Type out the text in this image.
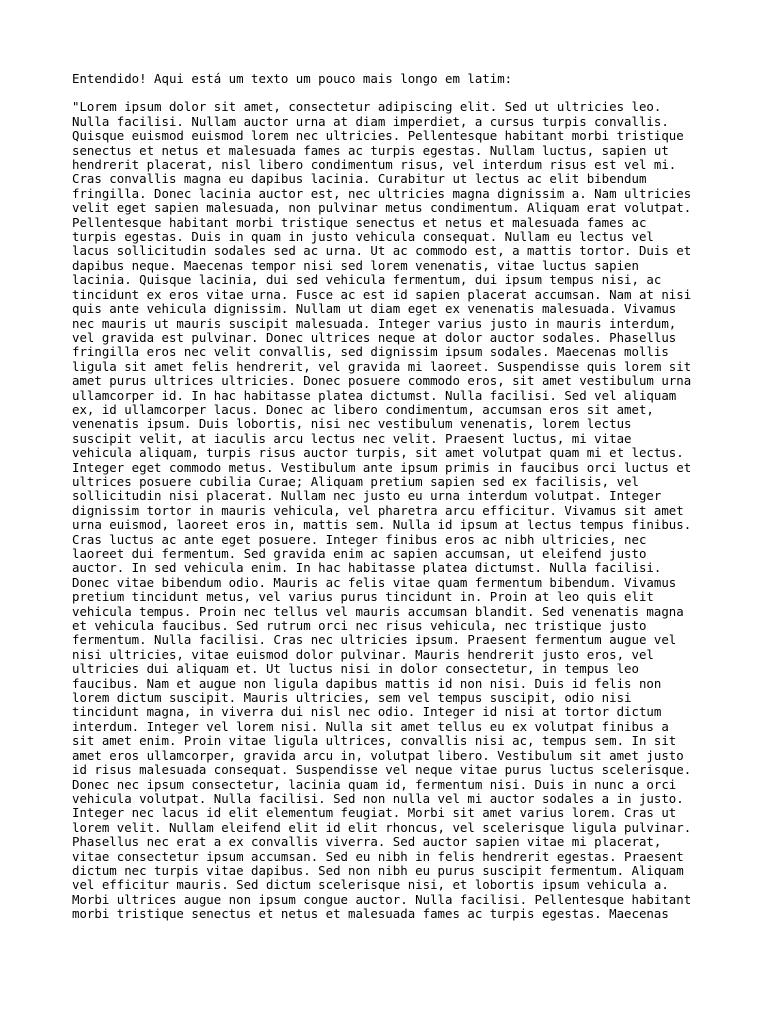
Entendido! Aqui está um texto um pouco mais longo em latim:

"Lorem ipsum dolor sit amet, consectetur adipiscing elit. Sed ut ultricies leo.
Nulla facilisi. Nullam auctor urna at diam imperdiet, a cursus turpis convallis.
Quisque euismod euismod lorem nec ultricies. Pellentesque habitant morbi tristique
senectus et netus et malesuada fames ac turpis egestas. Nullam luctus, sapien ut
hendrerit placerat, nisl libero condimentum risus, vel interdum risus est vel mi.
Cras convallis magna eu dapibus lacinia. Curabitur ut lectus ac elit bibendum
fringilla. Donec lacinia auctor est, nec ultricies magna dignissim a. Nam ultricies
velit eget sapien malesuada, non pulvinar metus condimentum. Aliquam erat volutpat.
Pellentesque habitant morbi tristique senectus et netus et malesuada fames ac
turpis egestas. Duis in quam in justo vehicula consequat. Nullam eu lectus vel
lacus sollicitudin sodales sed ac urna. Ut ac commodo est, a mattis tortor. Duis et
dapibus neque. Maecenas tempor nisi sed lorem venenatis, vitae luctus sapien
lacinia. Quisque lacinia, dui sed vehicula fermentum, dui ipsum tempus nisi, ac
tincidunt ex eros vitae urna. Fusce ac est id sapien placerat accumsan. Nam at nisi
quis ante vehicula dignissim. Nullam ut diam eget ex venenatis malesuada. Vivamus
nec mauris ut mauris suscipit malesuada. Integer varius justo in mauris interdum,
vel gravida est pulvinar. Donec ultrices neque at dolor auctor sodales. Phasellus
fringilla eros nec velit convallis, sed dignissim ipsum sodales. Maecenas mollis
ligula sit amet felis hendrerit, vel gravida mi laoreet. Suspendisse quis lorem sit
amet purus ultrices ultricies. Donec posuere commodo eros, sit amet vestibulum urna
ullamcorper id. In hac habitasse platea dictumst. Nulla facilisi. Sed vel aliquam
ex, id ullamcorper lacus. Donec ac libero condimentum, accumsan eros sit amet,
venenatis ipsum. Duis lobortis, nisi nec vestibulum venenatis, lorem lectus
suscipit velit, at iaculis arcu lectus nec velit. Praesent luctus, mi vitae
vehicula aliquam, turpis risus auctor turpis, sit amet volutpat quam mi et lectus.
Integer eget commodo metus. Vestibulum ante ipsum primis in faucibus orci luctus et
ultrices posuere cubilia Curae; Aliquam pretium sapien sed ex facilisis, vel
sollicitudin nisi placerat. Nullam nec justo eu urna interdum volutpat. Integer
dignissim tortor in mauris vehicula, vel pharetra arcu efficitur. Vivamus sit amet
urna euismod, laoreet eros in, mattis sem. Nulla id ipsum at lectus tempus finibus.
Cras luctus ac ante eget posuere. Integer finibus eros ac nibh ultricies, nec
laoreet dui fermentum. Sed gravida enim ac sapien accumsan, ut eleifend justo
auctor. In sed vehicula enim. In hac habitasse platea dictumst. Nulla facilisi.
Donec vitae bibendum odio. Mauris ac felis vitae quam fermentum bibendum. Vivamus
pretium tincidunt metus, vel varius purus tincidunt in. Proin at leo quis elit
vehicula tempus. Proin nec tellus vel mauris accumsan blandit. Sed venenatis magna
et vehicula faucibus. Sed rutrum orci nec risus vehicula, nec tristique justo
fermentum. Nulla facilisi. Cras nec ultricies ipsum. Praesent fermentum augue vel
nisi ultricies, vitae euismod dolor pulvinar. Mauris hendrerit justo eros, vel
ultricies dui aliquam et. Ut luctus nisi in dolor consectetur, in tempus leo
faucibus. Nam et augue non ligula dapibus mattis id non nisi. Duis id felis non
lorem dictum suscipit. Mauris ultricies, sem vel tempus suscipit, odio nisi
tincidunt magna, in viverra dui nisl nec odio. Integer id nisi at tortor dictum
interdum. Integer vel lorem nisi. Nulla sit amet tellus eu ex volutpat finibus a
sit amet enim. Proin vitae ligula ultrices, convallis nisi ac, tempus sem. In sit
amet eros ullamcorper, gravida arcu in, volutpat libero. Vestibulum sit amet justo
id risus malesuada consequat. Suspendisse vel neque vitae purus luctus scelerisque.
Donec nec ipsum consectetur, lacinia quam id, fermentum nisi. Duis in nunc a orci
vehicula volutpat. Nulla facilisi. Sed non nulla vel mi auctor sodales a in justo.
Integer nec lacus id elit elementum feugiat. Morbi sit amet varius lorem. Cras ut
lorem velit. Nullam eleifend elit id elit rhoncus, vel scelerisque ligula pulvinar.
Phasellus nec erat a ex convallis viverra. Sed auctor sapien vitae mi placerat,
vitae consectetur ipsum accumsan. Sed eu nibh in felis hendrerit egestas. Praesent
dictum nec turpis vitae dapibus. Sed non nibh eu purus suscipit fermentum. Aliquam
vel efficitur mauris. Sed dictum scelerisque nisi, et lobortis ipsum vehicula a.
Morbi ultrices augue non ipsum congue auctor. Nulla facilisi. Pellentesque habitant
morbi tristique senectus et netus et malesuada fames ac turpis egestas. Maecenas
